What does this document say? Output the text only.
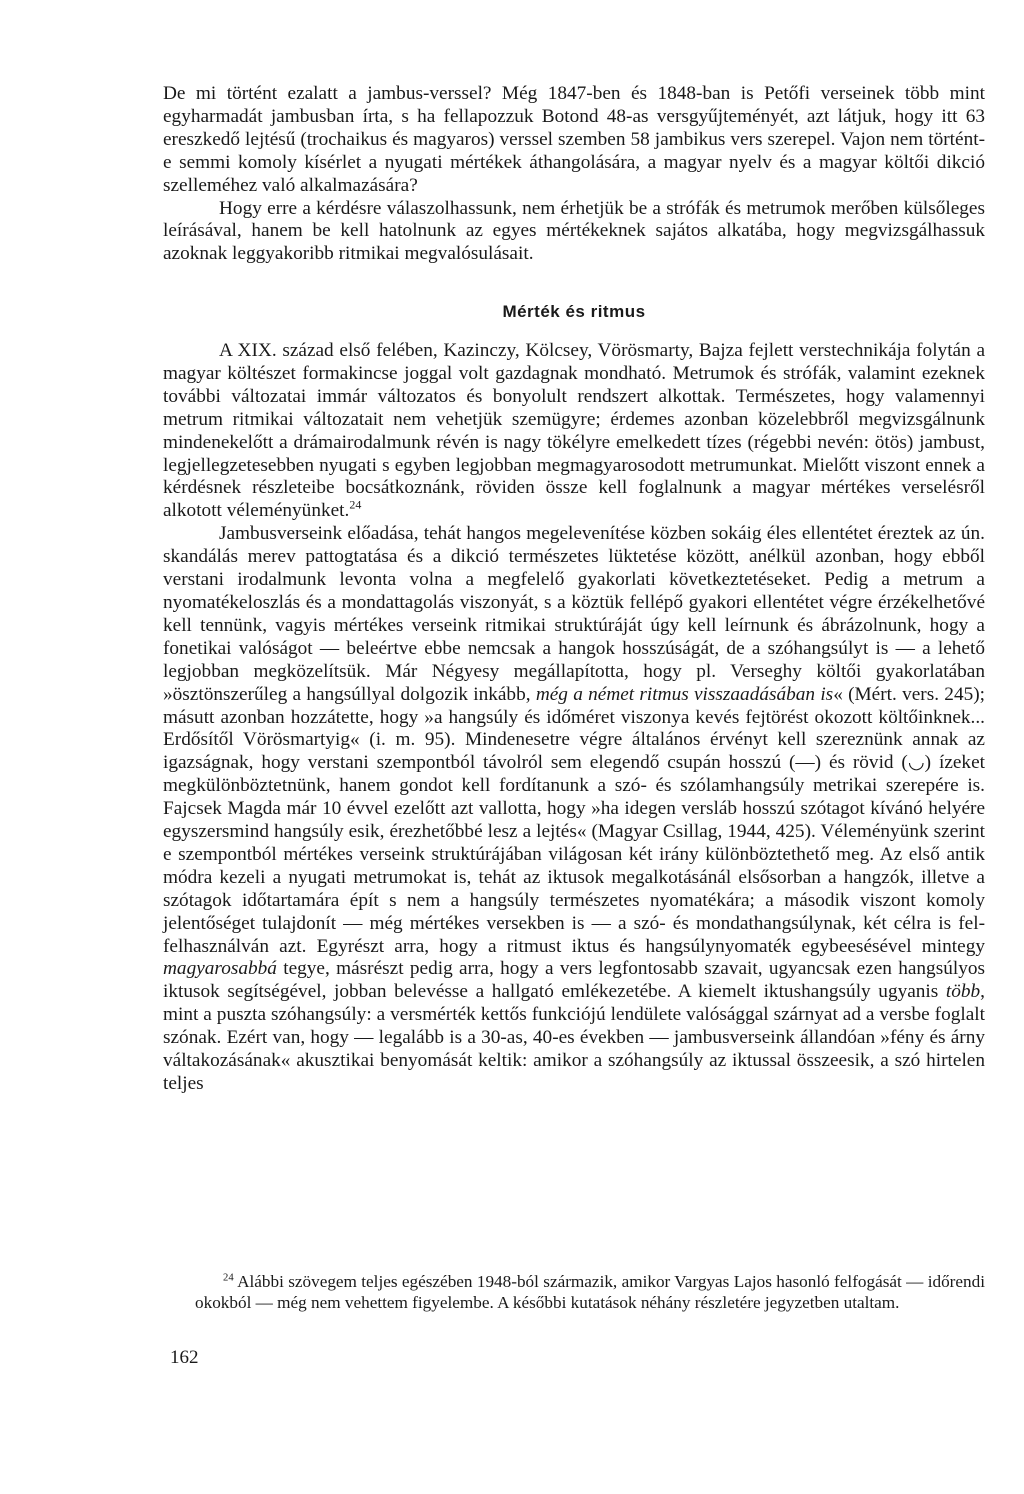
De mi történt ezalatt a jambus-verssel? Még 1847-ben és 1848-ban is Petőfi verseinek több mint egyharmadát jambusban írta, s ha fellapozzuk Botond 48-as versgyűjteményét, azt látjuk, hogy itt 63 ereszkedő lejtésű (trochaikus és magyaros) verssel szemben 58 jambikus vers szerepel. Vajon nem történt-e semmi komoly kísérlet a nyugati mértékek áthangolására, a magyar nyelv és a magyar költői dikció szelleméhez való alkalmazására?

Hogy erre a kérdésre válaszolhassunk, nem érhetjük be a strófák és metrumok merőben külsőleges leírásával, hanem be kell hatolnunk az egyes mértékeknek sajátos alkatába, hogy megvizsgálhassuk azoknak leggyakoribb ritmikai megvalósulásait.

Mérték és ritmus

A XIX. század első felében, Kazinczy, Kölcsey, Vörösmarty, Bajza fejlett verstechnikája folytán a magyar költészet formakincse joggal volt gazdagnak mondható. Metrumok és strófák, valamint ezeknek további változatai immár változatos és bonyolult rendszert alkottak. Természetes, hogy valamennyi metrum ritmikai változatait nem vehetjük szemügyre; érdemes azonban közelebbről megvizsgálnunk mindenekelőtt a drámairodalmunk révén is nagy tökélyre emelkedett tízes (régebbi nevén: ötös) jambust, legjellegzetesebben nyugati s egyben legjobban megmagyarosodott metrumunkat. Mielőtt viszont ennek a kérdésnek részleteibe bocsátkoznánk, röviden össze kell foglalnunk a magyar mértékes verselésről alkotott véleményünket.$^{24}$

Jambusverseink előadása, tehát hangos megelevenítése közben sokáig éles ellentétet éreztek az ún. skandálás merev pattogtatása és a dikció természetes lüktetése között, anélkül azonban, hogy ebből verstani irodalmunk levonta volna a megfelelő gyakorlati következtetéseket. Pedig a metrum a nyomatékeloszlás és a mondattagolás viszonyát, s a köztük fellépő gyakori ellentétet végre érzékelhetővé kell tennünk, vagyis mértékes verseink ritmikai struktúráját úgy kell leírnunk és ábrázolnunk, hogy a fonetikai valóságot — beleértve ebbe nemcsak a hangok hosszúságát, de a szóhangsúlyt is — a lehető legjobban megközelítsük. Már Négyesy megállapította, hogy pl. Verseghy költői gyakorlatában »ösztönszerűleg a hangsúllyal dolgozik inkább, még a német ritmus visszaadásában is« (Mért. vers. 245); másutt azonban hozzátette, hogy »a hangsúly és időméret viszonya kevés fejtörést okozott költőinknek... Erdősítől Vörösmartyig« (i. m. 95). Mindenesetre végre általános érvényt kell szereznünk annak az igazságnak, hogy verstani szempontból távolról sem elegendő csupán hosszú (—) és rövid (◡) ízeket megkülönböztetnünk, hanem gondot kell fordítanunk a szó- és szólamhangsúly metrikai szerepére is. Fajcsek Magda már 10 évvel ezelőtt azt vallotta, hogy »ha idegen versláb hosszú szótagot kívánó helyére egyszersmind hangsúly esik, érezhetőbbé lesz a lejtés« (Magyar Csillag, 1944, 425). Véleményünk szerint e szempontból mértékes verseink struktúrájában világosan két irány különböztethető meg. Az első antik módra kezeli a nyugati metrumokat is, tehát az iktusok megalkotásánál elsősorban a hangzók, illetve a szótagok időtartamára épít s nem a hangsúly természetes nyomatékára; a második viszont komoly jelentőséget tulajdonít — még mértékes versekben is — a szó- és mondathangsúlynak, két célra is fel-felhasználván azt. Egyrészt arra, hogy a ritmust iktus és hangsúlynyomaték egybeesésével mintegy magyarosabbá tegye, másrészt pedig arra, hogy a vers legfontosabb szavait, ugyancsak ezen hangsúlyos iktusok segítségével, jobban belevésse a hallgató emlékezetébe. A kiemelt iktushangsúly ugyanis több, mint a puszta szóhangsúly: a versmérték kettős funkciójú lendülete valósággal szárnyat ad a versbe foglalt szónak. Ezért van, hogy — legalább is a 30-as, 40-es években — jambusverseink állandóan »fény és árny váltakozásának« akusztikai benyomását keltik: amikor a szóhangsúly az iktussal összeesik, a szó hirtelen teljes

$^{24}$ Alábbi szövegem teljes egészében 1948-ból származik, amikor Vargyas Lajos hasonló felfogását — időrendi okokból — még nem vehettem figyelembe. A későbbi kutatások néhány részletére jegyzetben utaltam.

162
